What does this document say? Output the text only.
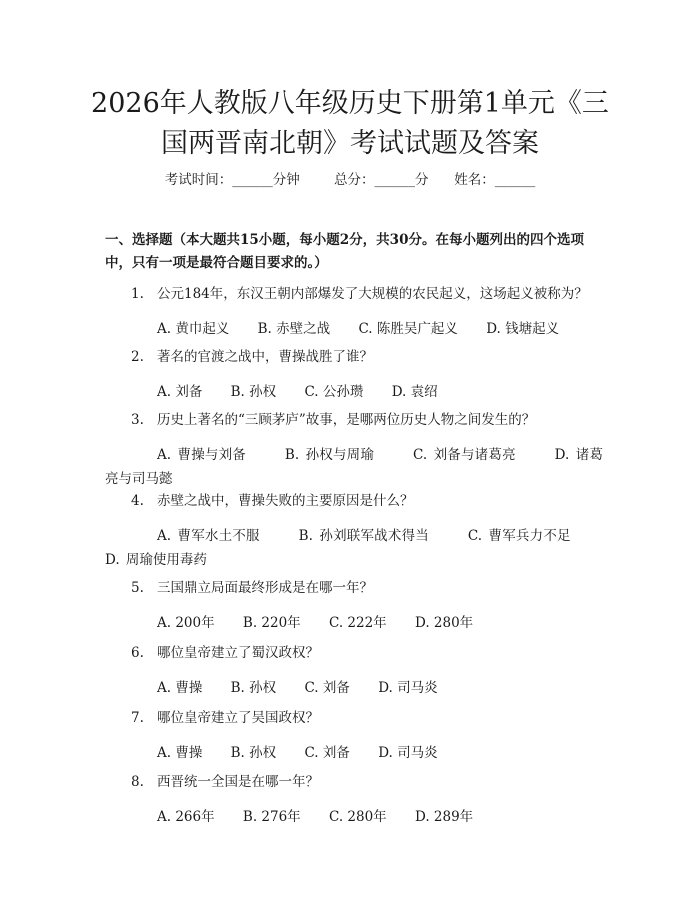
2026年人教版八年级历史下册第1单元《三国两晋南北朝》考试试题及答案
考试时间：______分钟	总分：______分 姓名：______

一、选择题（本大题共15小题，每小题2分，共30分。在每小题列出的四个选项中，只有一项是最符合题目要求的。）

1. 公元184年，东汉王朝内部爆发了大规模的农民起义，这场起义被称为？
A. 黄巾起义 B. 赤壁之战 C. 陈胜吴广起义 D. 钱塘起义
2. 著名的官渡之战中，曹操战胜了谁？
A. 刘备 B. 孙权 C. 公孙瓒 D. 袁绍
3. 历史上著名的“三顾茅庐”故事，是哪两位历史人物之间发生的？
A. 曹操与刘备	B. 孙权与周瑜	C. 刘备与诸葛亮	D. 诸葛亮与司马懿
4. 赤壁之战中，曹操失败的主要原因是什么？
A. 曹军水土不服	B. 孙刘联军战术得当	C. 曹军兵力不足      D. 周瑜使用毒药
5. 三国鼎立局面最终形成是在哪一年？
A. 200年 B. 220年 C. 222年 D. 280年
6. 哪位皇帝建立了蜀汉政权？
A. 曹操 B. 孙权 C. 刘备 D. 司马炎
7. 哪位皇帝建立了吴国政权？
A. 曹操 B. 孙权 C. 刘备 D. 司马炎
8. 西晋统一全国是在哪一年？
A. 266年 B. 276年 C. 280年 D. 289年
